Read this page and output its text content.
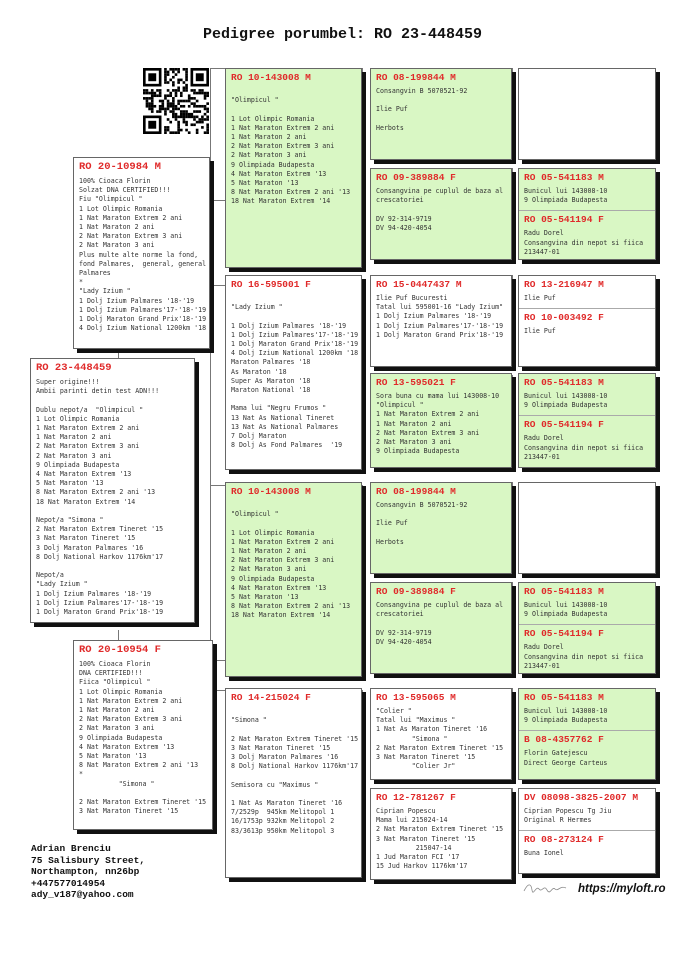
Pedigree porumbel: RO 23-448459
RO 23-448459
Super origine!!!
Ambii parinti detin test ADN!!!

Dublu nepot/a  "Olimpicul "
1 Lot Olimpic Romania
1 Nat Maraton Extrem 2 ani
1 Nat Maraton 2 ani
2 Nat Maraton Extrem 3 ani
2 Nat Maraton 3 ani
9 Olimpiada Budapesta
4 Nat Maraton Extrem '13
5 Nat Maraton '13
8 Nat Maraton Extrem 2 ani '13
18 Nat Maraton Extrem '14

Nepot/a "Simona "
2 Nat Maraton Extrem Tineret '15
3 Nat Maraton Tineret '15
3 Dolj Maraton Palmares '16
8 Dolj National Harkov 1176km'17

Nepot/a
"Lady Izium "
1 Dolj Izium Palmares '18-'19
1 Dolj Izium Palmares'17-'18-'19
1 Dolj Maraton Grand Prix'18-'19
RO 20-10984 M
100% Cioaca Florin
Solzat DNA CERTIFIED!!!
Fiu "Olimpicul "
1 Lot Olimpic Romania
1 Nat Maraton Extrem 2 ani
1 Nat Maraton 2 ani
2 Nat Maraton Extrem 3 ani
2 Nat Maraton 3 ani
Plus multe alte norme la fond,
fond Palmares,  general, general
Palmares
*
"Lady Izium "
1 Dolj Izium Palmares '18-'19
1 Dolj Izium Palmares'17-'18-'19
1 Dolj Maraton Grand Prix'18-'19
4 Dolj Izium National 1200km '18
RO 20-10954 F
100% Cioaca Florin
DNA CERTIFIED!!!
Fiica "Olimpicul "
1 Lot Olimpic Romania
1 Nat Maraton Extrem 2 ani
1 Nat Maraton 2 ani
2 Nat Maraton Extrem 3 ani
2 Nat Maraton 3 ani
9 Olimpiada Budapesta
4 Nat Maraton Extrem '13
5 Nat Maraton '13
8 Nat Maraton Extrem 2 ani '13
*
"Simona "

2 Nat Maraton Extrem Tineret '15
3 Nat Maraton Tineret '15
RO 10-143008 M

"Olimpicul "

1 Lot Olimpic Romania
1 Nat Maraton Extrem 2 ani
1 Nat Maraton 2 ani
2 Nat Maraton Extrem 3 ani
2 Nat Maraton 3 ani
9 Olimpiada Budapesta
4 Nat Maraton Extrem '13
5 Nat Maraton '13
8 Nat Maraton Extrem 2 ani '13
18 Nat Maraton Extrem '14
RO 16-595001 F

"Lady Izium "

1 Dolj Izium Palmares '18-'19
1 Dolj Izium Palmares'17-'18-'19
1 Dolj Maraton Grand Prix'18-'19
4 Dolj Izium National 1200km '18
Maraton Palmares '18
As Maraton '18
Super As Maraton '18
Maraton National '18

Mama lui "Negru Frumos "
13 Nat As National Tineret
13 Nat As National Palmares
7 Dolj Maraton
8 Dolj As Fond Palmares  '19
RO 10-143008 M

"Olimpicul "

1 Lot Olimpic Romania
1 Nat Maraton Extrem 2 ani
1 Nat Maraton 2 ani
2 Nat Maraton Extrem 3 ani
2 Nat Maraton 3 ani
9 Olimpiada Budapesta
4 Nat Maraton Extrem '13
5 Nat Maraton '13
8 Nat Maraton Extrem 2 ani '13
18 Nat Maraton Extrem '14
RO 14-215024 F

"Simona "

2 Nat Maraton Extrem Tineret '15
3 Nat Maraton Tineret '15
3 Dolj Maraton Palmares '16
8 Dolj National Harkov 1176km'17

Semisora cu "Maximus "

1 Nat As Maraton Tineret '16
7/2529p  945km Melitopol 1
16/1753p 932km Melitopol 2
83/3613p 950km Melitopol 3
RO 08-199844 M
Consangvin B 5070521-92

Ilie Puf

Herbots
RO 09-389884 F
Consangvina pe cuplul de baza al
crescatoriei

DV 92-314-9719
DV 94-420-4054
RO 15-0447437 M
Ilie Puf Bucuresti
Tatal lui 595001-16 "Lady Izium"
1 Dolj Izium Palmares '18-'19
1 Dolj Izium Palmares'17-'18-'19
1 Dolj Maraton Grand Prix'18-'19
RO 13-595021 F
Sora buna cu mama lui 143008-10
"Olimpicul "
1 Nat Maraton Extrem 2 ani
1 Nat Maraton 2 ani
2 Nat Maraton Extrem 3 ani
2 Nat Maraton 3 ani
9 Olimpiada Budapesta
RO 08-199844 M
Consangvin B 5070521-92

Ilie Puf

Herbots
RO 09-389884 F
Consangvina pe cuplul de baza al
crescatoriei

DV 92-314-9719
DV 94-420-4054
RO 13-595065 M
"Colier "
Tatal lui "Maximus "
1 Nat As Maraton Tineret '16
"Simona "
2 Nat Maraton Extrem Tineret '15
3 Nat Maraton Tineret '15
"Colier Jr"
RO 12-781267 F
Ciprian Popescu
Mama lui 215024-14
2 Nat Maraton Extrem Tineret '15
3 Nat Maraton Tineret '15
215047-14
1 Jud Maraton FCI '17
15 Jud Harkov 1176km'17
RO 05-541183 M
Bunicul lui 143008-10
9 Olimpiada Budapesta
RO 05-541194 F
Radu Dorel
Consangvina din nepot si fiica
213447-01
RO 13-216947 M
Ilie Puf
RO 10-003492 F
Ilie Puf
RO 05-541183 M
Bunicul lui 143008-10
9 Olimpiada Budapesta
RO 05-541194 F
Radu Dorel
Consangvina din nepot si fiica
213447-01
RO 05-541183 M
Bunicul lui 143008-10
9 Olimpiada Budapesta
RO 05-541194 F
Radu Dorel
Consangvina din nepot si fiica
213447-01
RO 05-541183 M
Bunicul lui 143008-10
9 Olimpiada Budapesta
B 08-4357762 F
Florin Gatejescu
Direct George Carteus
DV 08098-3825-2007 M
Ciprian Popescu Tg Jiu
Original R Hermes
RO 08-273124 F
Buna Ionel
Adrian Brenciu
75 Salisbury Street,
Northampton, nn26bp
+447577014954
ady_v187@yahoo.com	https://myloft.ro
